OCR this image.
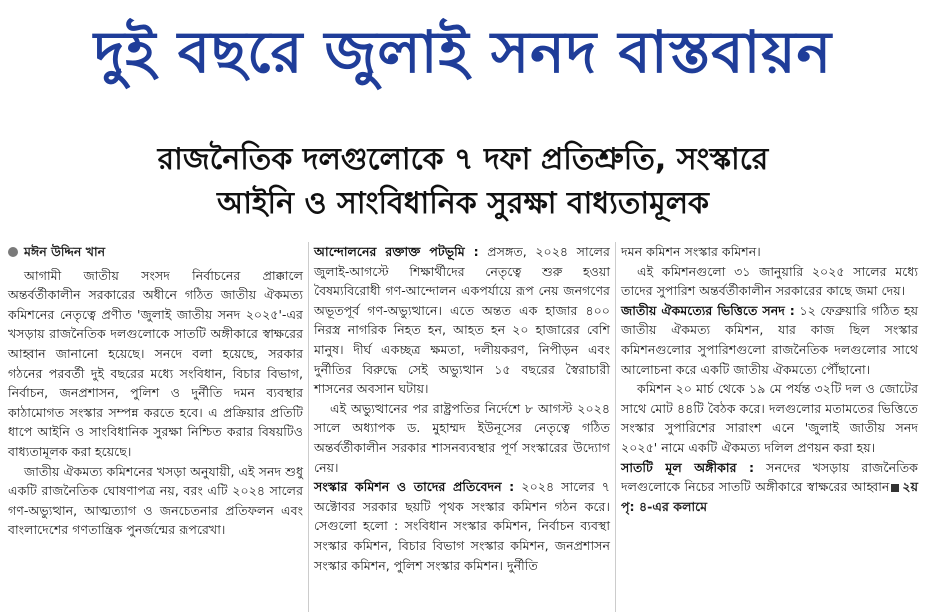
দুই বছরে জুলাই সনদ বাস্তবায়ন
রাজনৈতিক দলগুলোকে ৭ দফা প্রতিশ্রুতি, সংস্কারে
আইনি ও সাংবিধানিক সুরক্ষা বাধ্যতামূলক

মঈন উদ্দিন খান

আগামী জাতীয় সংসদ নির্বাচনের প্রাক্কালে অন্তর্বর্তীকালীন সরকারের অধীনে গঠিত জাতীয় ঐকমত্য কমিশনের নেতৃত্বে প্রণীত 'জুলাই জাতীয় সনদ ২০২৫'-এর খসড়ায় রাজনৈতিক দলগুলোকে সাতটি অঙ্গীকারে স্বাক্ষরের আহ্বান জানানো হয়েছে। সনদে বলা হয়েছে, সরকার গঠনের পরবর্তী দুই বছরের মধ্যে সংবিধান, বিচার বিভাগ, নির্বাচন, জনপ্রশাসন, পুলিশ ও দুর্নীতি দমন ব্যবস্থার কাঠামোগত সংস্কার সম্পন্ন করতে হবে। এ প্রক্রিয়ার প্রতিটি ধাপে আইনি ও সাংবিধানিক সুরক্ষা নিশ্চিত করার বিষয়টিও বাধ্যতামূলক করা হয়েছে।

জাতীয় ঐকমত্য কমিশনের খসড়া অনুযায়ী, এই সনদ শুধু একটি রাজনৈতিক ঘোষণাপত্র নয়, বরং এটি ২০২৪ সালের গণ-অভ্যুত্থান, আত্মত্যাগ ও জনচেতনার প্রতিফলন এবং বাংলাদেশের গণতান্ত্রিক পুনর্জন্মের রূপরেখা।

আন্দোলনের রক্তাক্ত পটভূমি : প্রসঙ্গত, ২০২৪ সালের জুলাই-আগস্টে শিক্ষার্থীদের নেতৃত্বে শুরু হওয়া বৈষম্যবিরোধী গণ-আন্দোলন একপর্যায়ে রূপ নেয় জনগণের অভূতপূর্ব গণ-অভ্যুত্থানে। এতে অন্তত এক হাজার ৪০০ নিরস্ত্র নাগরিক নিহত হন, আহত হন ২০ হাজারের বেশি মানুষ। দীর্ঘ একচ্ছত্র ক্ষমতা, দলীয়করণ, নিপীড়ন এবং দুর্নীতির বিরুদ্ধে সেই অভ্যুত্থান ১৫ বছরের স্বৈরাচারী শাসনের অবসান ঘটায়।

এই অভ্যুত্থানের পর রাষ্ট্রপতির নির্দেশে ৮ আগস্ট ২০২৪ সালে অধ্যাপক ড. মুহাম্মদ ইউনূসের নেতৃত্বে গঠিত অন্তর্বর্তীকালীন সরকার শাসনব্যবস্থার পূর্ণ সংস্কারের উদ্যোগ নেয়।

সংস্কার কমিশন ও তাদের প্রতিবেদন : ২০২৪ সালের ৭ অক্টোবর সরকার ছয়টি পৃথক সংস্কার কমিশন গঠন করে। সেগুলো হলো : সংবিধান সংস্কার কমিশন, নির্বাচন ব্যবস্থা সংস্কার কমিশন, বিচার বিভাগ সংস্কার কমিশন, জনপ্রশাসন সংস্কার কমিশন, পুলিশ সংস্কার কমিশন। দুর্নীতি

দমন কমিশন সংস্কার কমিশন।

এই কমিশনগুলো ৩১ জানুয়ারি ২০২৫ সালের মধ্যে তাদের সুপারিশ অন্তর্বর্তীকালীন সরকারের কাছে জমা দেয়।

জাতীয় ঐকমত্যের ভিত্তিতে সনদ : ১২ ফেব্রুয়ারি গঠিত হয় জাতীয় ঐকমত্য কমিশন, যার কাজ ছিল সংস্কার কমিশনগুলোর সুপারিশগুলো রাজনৈতিক দলগুলোর সাথে আলোচনা করে একটি জাতীয় ঐকমত্যে পৌঁছানো।

কমিশন ২০ মার্চ থেকে ১৯ মে পর্যন্ত ৩২টি দল ও জোটের সাথে মোট ৪৪টি বৈঠক করে। দলগুলোর মতামতের ভিত্তিতে সংস্কার সুপারিশের সারাংশ এনে 'জুলাই জাতীয় সনদ ২০২৫' নামে একটি ঐকমত্য দলিল প্রণয়ন করা হয়।

সাতটি মূল অঙ্গীকার : সনদের খসড়ায় রাজনৈতিক দলগুলোকে নিচের সাতটি অঙ্গীকারে স্বাক্ষরের আহ্বান ২য় পৃ: ৪-এর কলামে
